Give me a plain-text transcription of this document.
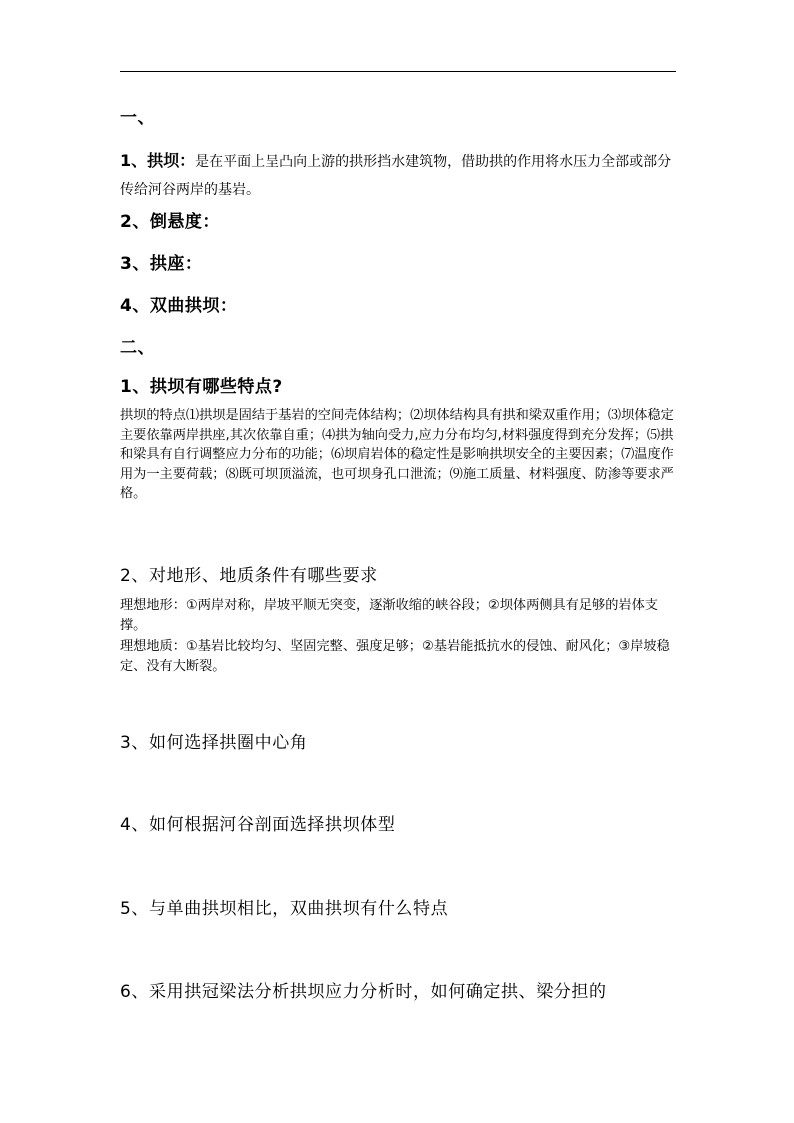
一、
1、拱坝：是在平面上呈凸向上游的拱形挡水建筑物，借助拱的作用将水压力全部或部分传给河谷两岸的基岩。
2、倒悬度：
3、拱座：
4、双曲拱坝：
二、
1、拱坝有哪些特点?
拱坝的特点⑴拱坝是固结于基岩的空间壳体结构；⑵坝体结构具有拱和梁双重作用；⑶坝体稳定主要依靠两岸拱座,其次依靠自重；⑷拱为轴向受力,应力分布均匀,材料强度得到充分发挥；⑸拱和梁具有自行调整应力分布的功能；⑹坝肩岩体的稳定性是影响拱坝安全的主要因素；⑺温度作用为一主要荷载；⑻既可坝顶溢流，也可坝身孔口泄流；⑼施工质量、材料强度、防渗等要求严格。
2、对地形、地质条件有哪些要求
理想地形：①两岸对称，岸坡平顺无突变，逐渐收缩的峡谷段；②坝体两侧具有足够的岩体支撑。
理想地质：①基岩比较均匀、坚固完整、强度足够；②基岩能抵抗水的侵蚀、耐风化；③岸坡稳定、没有大断裂。
3、如何选择拱圈中心角
4、如何根据河谷剖面选择拱坝体型
5、与单曲拱坝相比，双曲拱坝有什么特点
6、采用拱冠梁法分析拱坝应力分析时，如何确定拱、梁分担的
